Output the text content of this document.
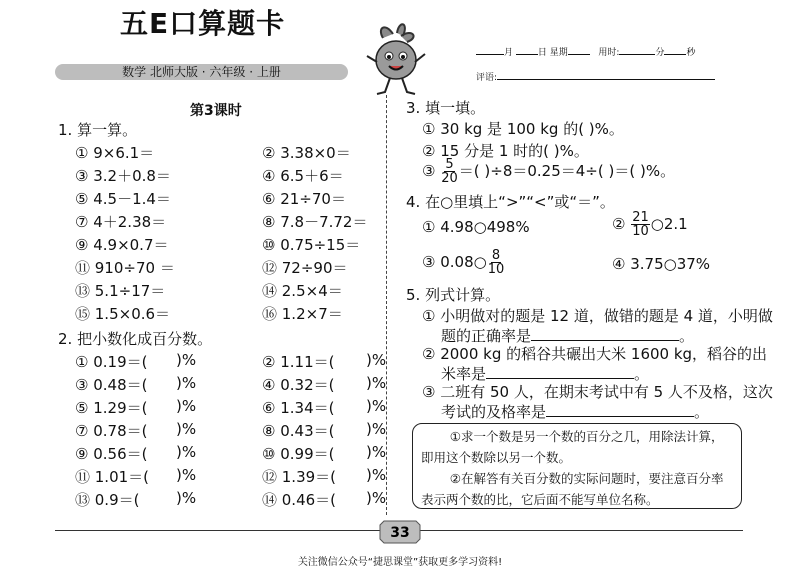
五E口算题卡
数学 北师大版 · 六年级 · 上册
月	日 星期	用时:	分 秒
评语:
第3课时
1. 算一算。
① 9×6.1＝	② 3.38×0＝
③ 3.2＋0.8＝	④ 6.5＋6＝
⑤ 4.5－1.4＝	⑥ 21÷70＝
⑦ 4＋2.38＝	⑧ 7.8－7.72＝
⑨ 4.9×0.7＝	⑩ 0.75÷15＝
⑪ 910÷70 ＝	⑫ 72÷90＝
⑬ 5.1÷17＝	⑭ 2.5×4＝
⑮ 1.5×0.6＝	⑯ 1.2×7＝
2. 把小数化成百分数。
① 0.19＝( )%	② 1.11＝( )%
③ 0.48＝( )%	④ 0.32＝( )%
⑤ 1.29＝( )%	⑥ 1.34＝( )%
⑦ 0.78＝( )%	⑧ 0.43＝( )%
⑨ 0.56＝( )%	⑩ 0.99＝( )%
⑪ 1.01＝( )%	⑫ 1.39＝( )%
⑬ 0.9＝( )%	⑭ 0.46＝( )%
3. 填一填。
① 30 kg 是 100 kg 的( )%。
② 15 分是 1 时的( )%。
③ $\frac{5}{20}$ ＝( )÷8＝0.25＝4÷( )＝( )%。
4. 在○里填上“>”“<”或“＝”。
① 4.98○498%	② $\frac{21}{10}$ ○2.1
③ 0.08○ $\frac{8}{10}$	④ 3.75○37%
5. 列式计算。
① 小明做对的题是 12 道，做错的题是 4 道，小明做
题的正确率是	。
② 2000 kg 的稻谷共碾出大米 1600 kg，稻谷的出
米率是	。
③ 二班有 50 人，在期末考试中有 5 人不及格，这次
考试的及格率是	。

①求一个数是另一个数的百分之几，用除法计算，即用这个数除以另一个数。

②在解答有关百分数的实际问题时，要注意百分率表示两个数的比，它后面不能写单位名称。

33
关注微信公众号“捷思课堂”获取更多学习资料!
